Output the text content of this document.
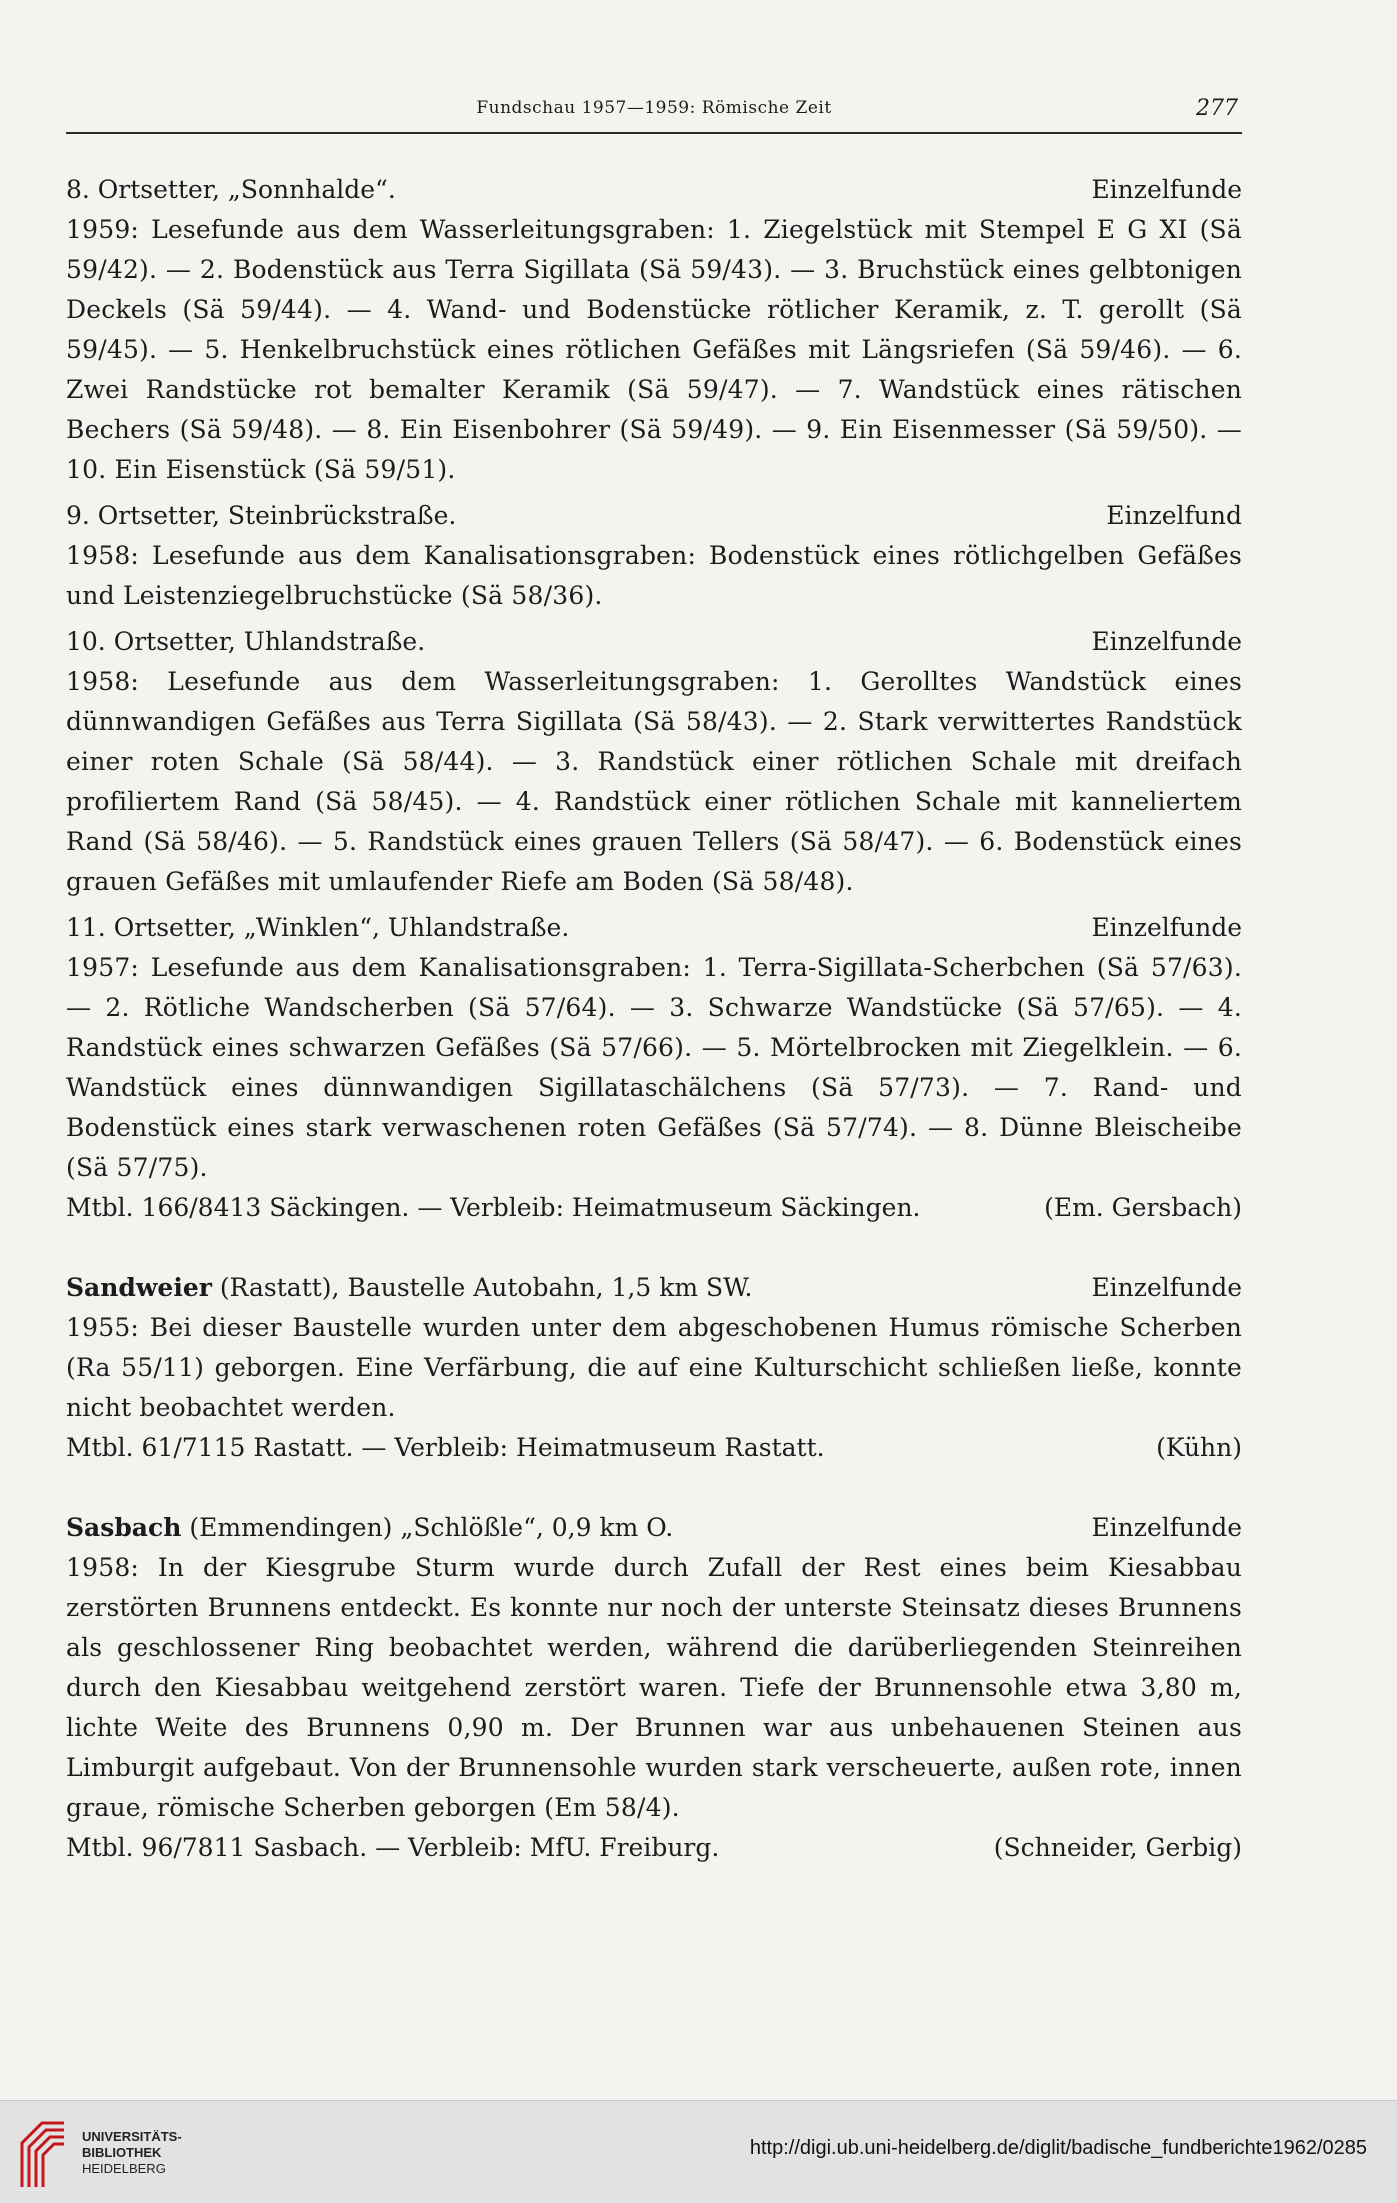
Fundschau 1957—1959: Römische Zeit	277
8. Ortsetter, „Sonnhalde“.	Einzelfunde

1959: Lesefunde aus dem Wasserleitungsgraben: 1. Ziegelstück mit Stempel E G XI (Sä 59/42). — 2. Bodenstück aus Terra Sigillata (Sä 59/43). — 3. Bruchstück eines gelbtonigen Deckels (Sä 59/44). — 4. Wand- und Bodenstücke rötlicher Keramik, z. T. gerollt (Sä 59/45). — 5. Henkelbruchstück eines rötlichen Gefäßes mit Längsriefen (Sä 59/46). — 6. Zwei Randstücke rot bemalter Keramik (Sä 59/47). — 7. Wandstück eines rätischen Bechers (Sä 59/48). — 8. Ein Eisenbohrer (Sä 59/49). — 9. Ein Eisenmesser (Sä 59/50). — 10. Ein Eisenstück (Sä 59/51).

9. Ortsetter, Steinbrückstraße.	Einzelfund

1958: Lesefunde aus dem Kanalisationsgraben: Bodenstück eines rötlichgelben Gefäßes und Leistenziegelbruchstücke (Sä 58/36).

10. Ortsetter, Uhlandstraße.	Einzelfunde

1958: Lesefunde aus dem Wasserleitungsgraben: 1. Gerolltes Wandstück eines dünnwandigen Gefäßes aus Terra Sigillata (Sä 58/43). — 2. Stark verwittertes Randstück einer roten Schale (Sä 58/44). — 3. Randstück einer rötlichen Schale mit dreifach profiliertem Rand (Sä 58/45). — 4. Randstück einer rötlichen Schale mit kanneliertem Rand (Sä 58/46). — 5. Randstück eines grauen Tellers (Sä 58/47). — 6. Bodenstück eines grauen Gefäßes mit umlaufender Riefe am Boden (Sä 58/48).

11. Ortsetter, „Winklen“, Uhlandstraße.	Einzelfunde

1957: Lesefunde aus dem Kanalisationsgraben: 1. Terra-Sigillata-Scherbchen (Sä 57/63). — 2. Rötliche Wandscherben (Sä 57/64). — 3. Schwarze Wandstücke (Sä 57/65). — 4. Randstück eines schwarzen Gefäßes (Sä 57/66). — 5. Mörtelbrocken mit Ziegelklein. — 6. Wandstück eines dünnwandigen Sigillataschälchens (Sä 57/73). — 7. Rand- und Bodenstück eines stark verwaschenen roten Gefäßes (Sä 57/74). — 8. Dünne Bleischeibe (Sä 57/75).

Mtbl. 166/8413 Säckingen. — Verbleib: Heimatmuseum Säckingen.	(Em. Gersbach)
Sandweier (Rastatt), Baustelle Autobahn, 1,5 km SW.	Einzelfunde

1955: Bei dieser Baustelle wurden unter dem abgeschobenen Humus römische Scherben (Ra 55/11) geborgen. Eine Verfärbung, die auf eine Kulturschicht schließen ließe, konnte nicht beobachtet werden.

Mtbl. 61/7115 Rastatt. — Verbleib: Heimatmuseum Rastatt.	(Kühn)
Sasbach (Emmendingen) „Schlößle“, 0,9 km O.	Einzelfunde

1958: In der Kiesgrube Sturm wurde durch Zufall der Rest eines beim Kiesabbau zerstörten Brunnens entdeckt. Es konnte nur noch der unterste Steinsatz dieses Brunnens als geschlossener Ring beobachtet werden, während die darüberliegenden Steinreihen durch den Kiesabbau weitgehend zerstört waren. Tiefe der Brunnensohle etwa 3,80 m, lichte Weite des Brunnens 0,90 m. Der Brunnen war aus unbehauenen Steinen aus Limburgit aufgebaut. Von der Brunnensohle wurden stark verscheuerte, außen rote, innen graue, römische Scherben geborgen (Em 58/4).

Mtbl. 96/7811 Sasbach. — Verbleib: MfU. Freiburg.	(Schneider, Gerbig)
UNIVERSITÄTS-
BIBLIOTHEK
HEIDELBERG
http://digi.ub.uni-heidelberg.de/diglit/badische_fundberichte1962/0285
